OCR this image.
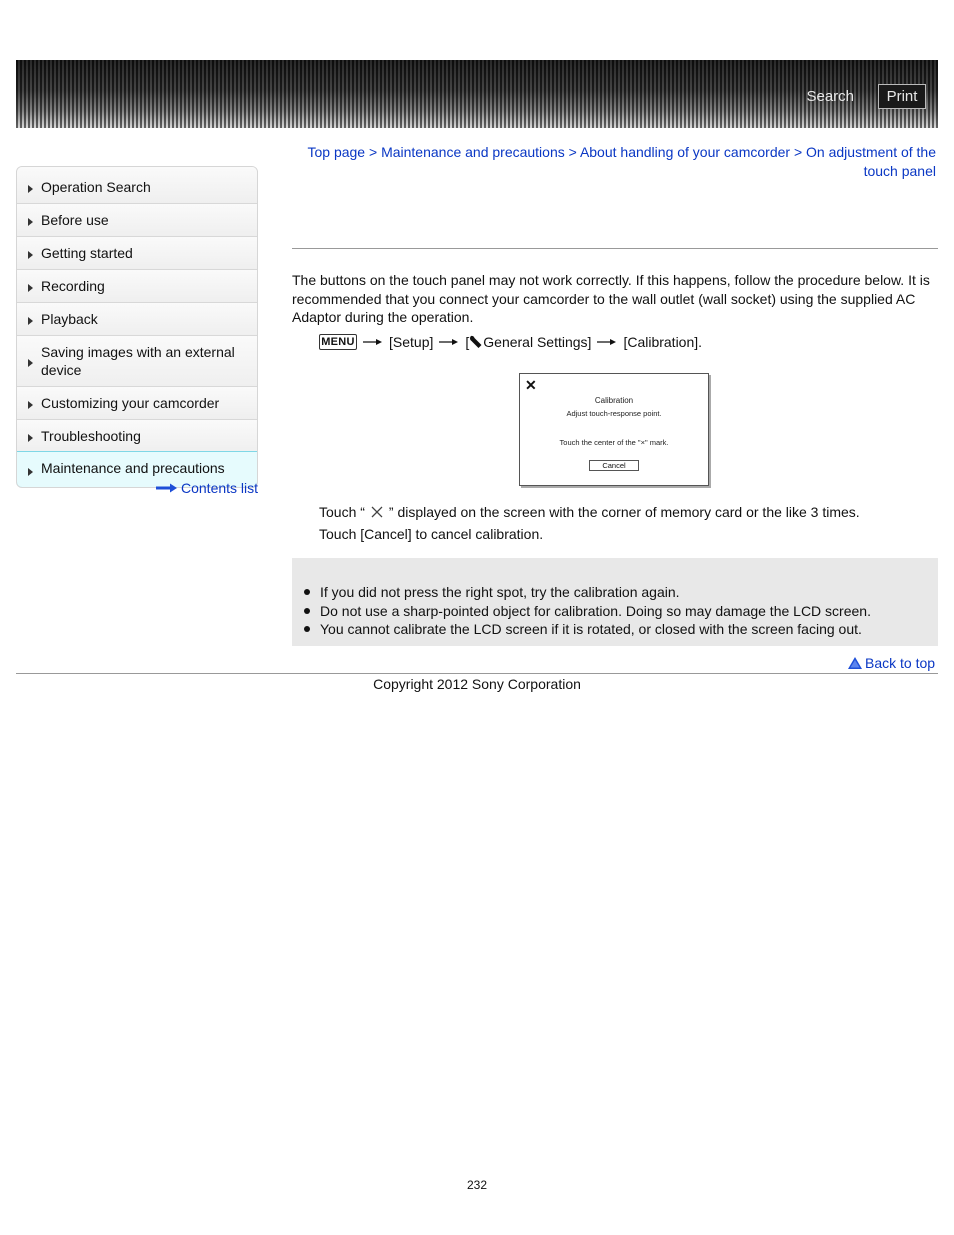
Search	Print
Operation Search
Before use
Getting started
Recording
Playback
Saving images with an external device
Customizing your camcorder
Troubleshooting
Maintenance and precautions
Contents list
Top page > Maintenance and precautions > About handling of your camcorder > On adjustment of the touch panel
The buttons on the touch panel may not work correctly. If this happens, follow the procedure below. It is recommended that you connect your camcorder to the wall outlet (wall socket) using the supplied AC Adaptor during the operation.
MENU [Setup] [ General Settings] [Calibration].
✕
Calibration
Adjust touch-response point.
Touch the center of the "×" mark.
Cancel
Touch “ ” displayed on the screen with the corner of memory card or the like 3 times.
Touch [Cancel] to cancel calibration.
If you did not press the right spot, try the calibration again.
Do not use a sharp-pointed object for calibration. Doing so may damage the LCD screen.
You cannot calibrate the LCD screen if it is rotated, or closed with the screen facing out.
Back to top
Copyright 2012 Sony Corporation
232
